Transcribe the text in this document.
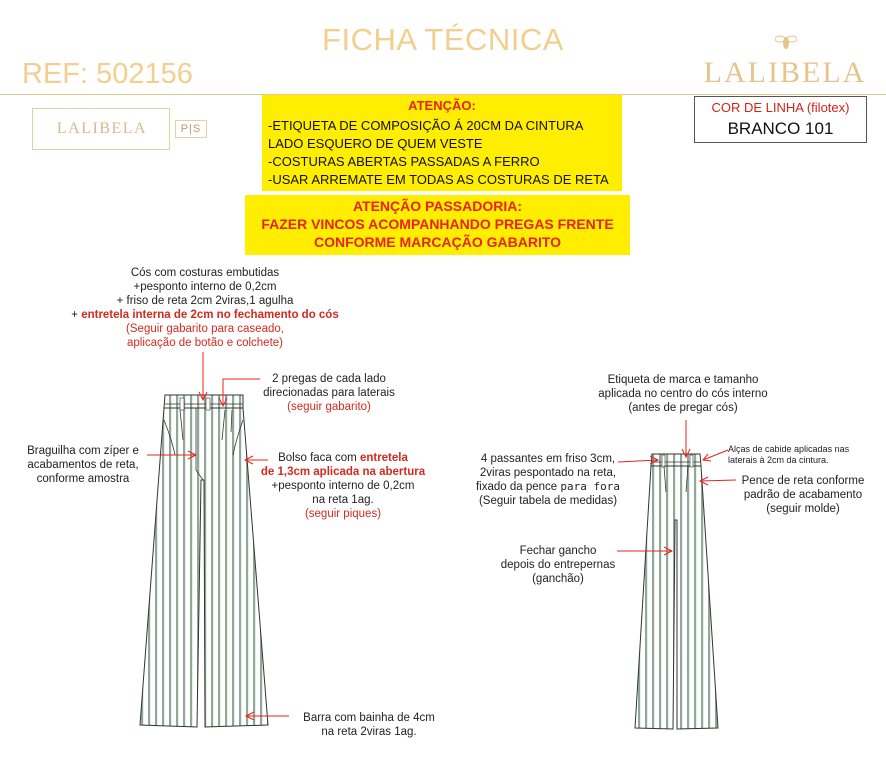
FICHA TÉCNICA
REF: 502156	LALIBELA
LALIBELA	P|S
ATENÇÃO:
-ETIQUETA DE COMPOSIÇÃO Á 20CM DA CINTURA
LADO ESQUERO DE QUEM VESTE
-COSTURAS ABERTAS PASSADAS A FERRO
-USAR ARREMATE EM TODAS AS COSTURAS DE RETA
ATENÇÃO PASSADORIA:
FAZER VINCOS ACOMPANHANDO PREGAS FRENTE
CONFORME MARCAÇÃO GABARITO
COR DE LINHA (filotex)
BRANCO 101
Cós com costuras embutidas
+pesponto interno de 0,2cm
+ friso de reta 2cm 2viras,1 agulha
+ entretela interna de 2cm no fechamento do cós
(Seguir gabarito para caseado,
aplicação de botão e colchete)
2 pregas de cada lado
direcionadas para laterais
(seguir gabarito)
Braguilha com zíper e
acabamentos de reta,
conforme amostra
Bolso faca com entretela
de 1,3cm aplicada na abertura
+pesponto interno de 0,2cm
na reta 1ag.
(seguir piques)
Barra com bainha de 4cm
na reta 2viras 1ag.
Etiqueta de marca e tamanho
aplicada no centro do cós interno
(antes de pregar cós)
Alças de cabide aplicadas nas
laterais à 2cm da cintura.
4 passantes em friso 3cm,
2viras pespontado na reta,
fixado da pence para fora
(Seguir tabela de medidas)
Pence de reta conforme
padrão de acabamento
(seguir molde)
Fechar gancho
depois do entrepernas
(ganchão)
